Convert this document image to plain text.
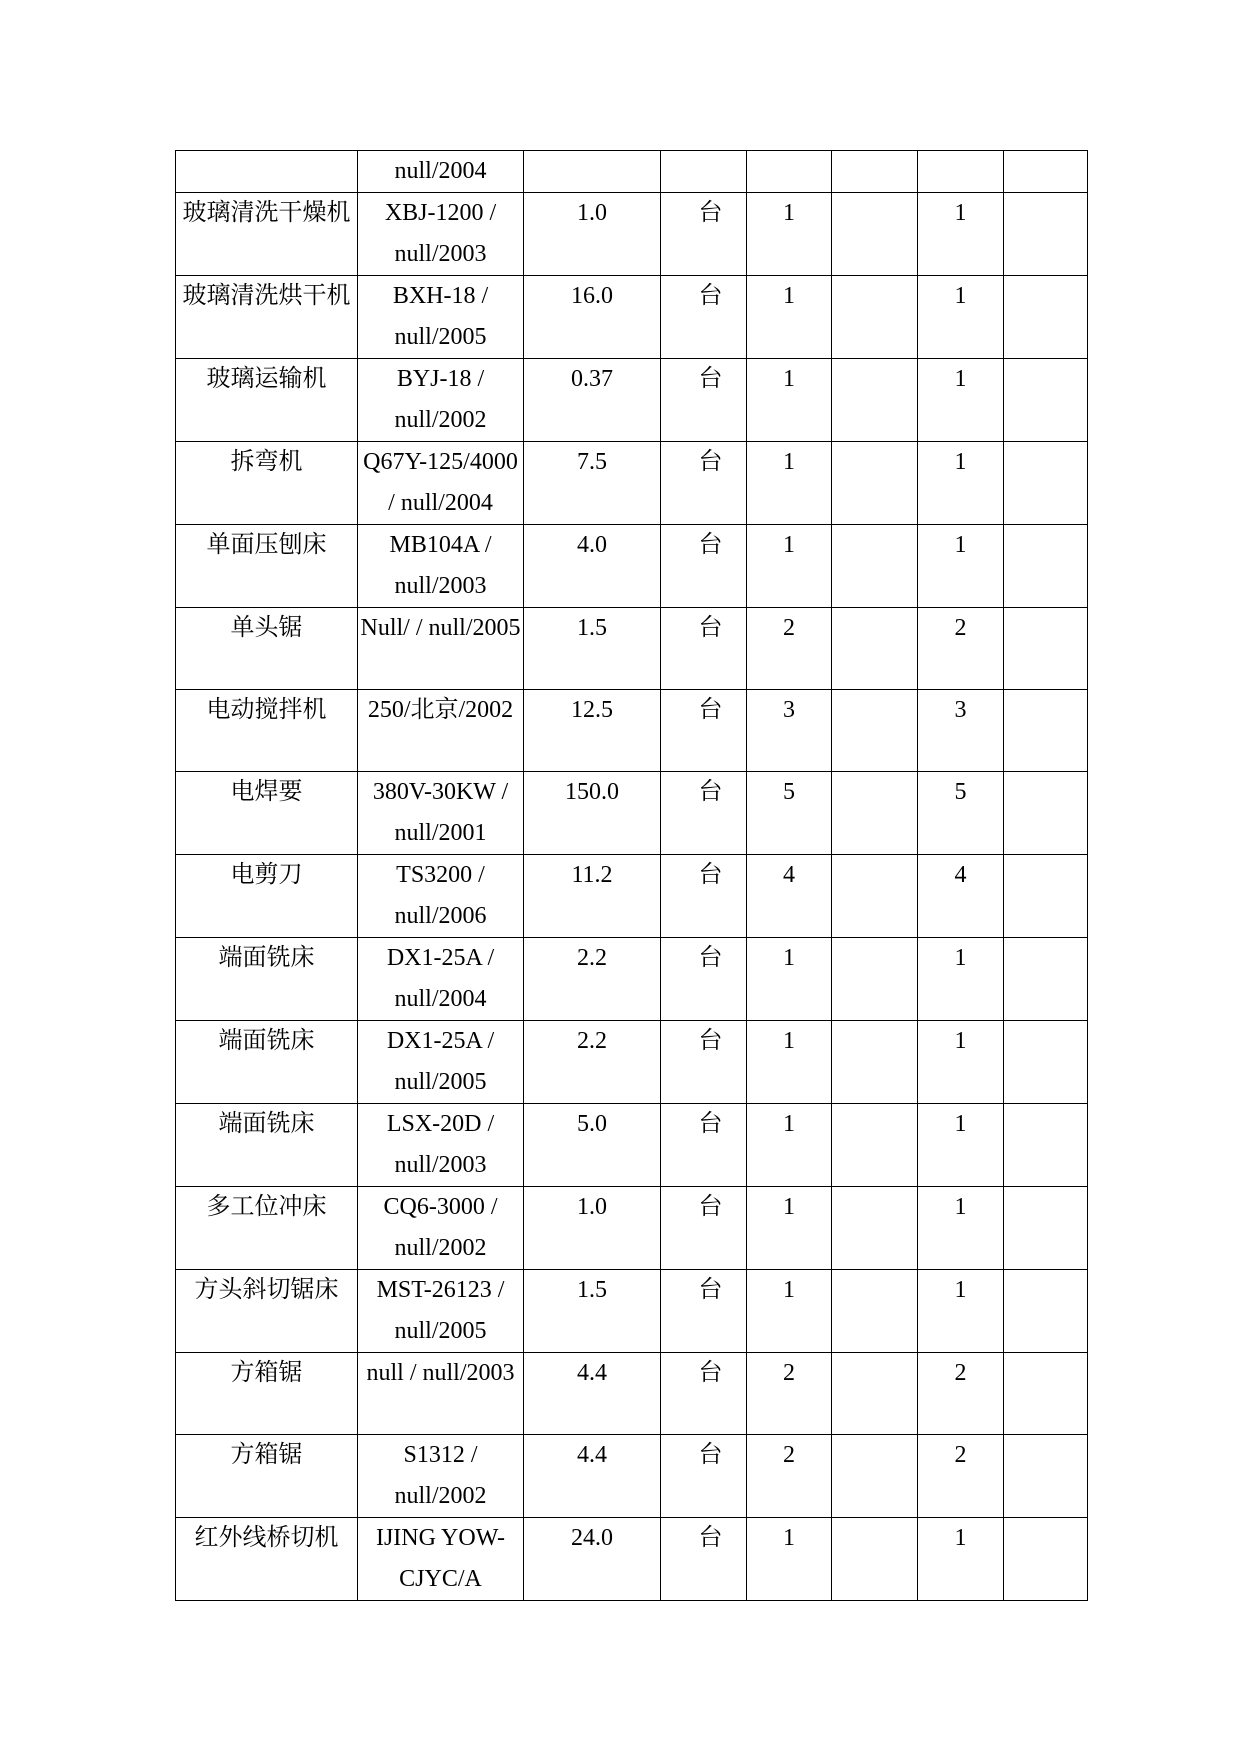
	null/2004						

玻璃清洗干燥机	XBJ-1200 / null/2003	1.0	台	1		1	

玻璃清洗烘干机	BXH-18 / null/2005	16.0	台	1		1	

玻璃运输机	BYJ-18 / null/2002	0.37	台	1		1	

拆弯机	Q67Y-125/4000 / null/2004	7.5	台	1		1	

单面压刨床	MB104A / null/2003	4.0	台	1		1	

单头锯	Null/ / null/2005	1.5	台	2		2	

电动搅拌机	250/北京/2002	12.5	台	3		3	

电焊要	380V-30KW / null/2001	150.0	台	5		5	

电剪刀	TS3200 / null/2006	11.2	台	4		4	

端面铣床	DX1-25A / null/2004	2.2	台	1		1	

端面铣床	DX1-25A / null/2005	2.2	台	1		1	

端面铣床	LSX-20D / null/2003	5.0	台	1		1	

多工位冲床	CQ6-3000 / null/2002	1.0	台	1		1	

方头斜切锯床	MST-26123 / null/2005	1.5	台	1		1	

方箱锯	null / null/2003	4.4	台	2		2	

方箱锯	S1312 / null/2002	4.4	台	2		2	

红外线桥切机	IJING YOW-CJYC/A	24.0	台	1		1	
